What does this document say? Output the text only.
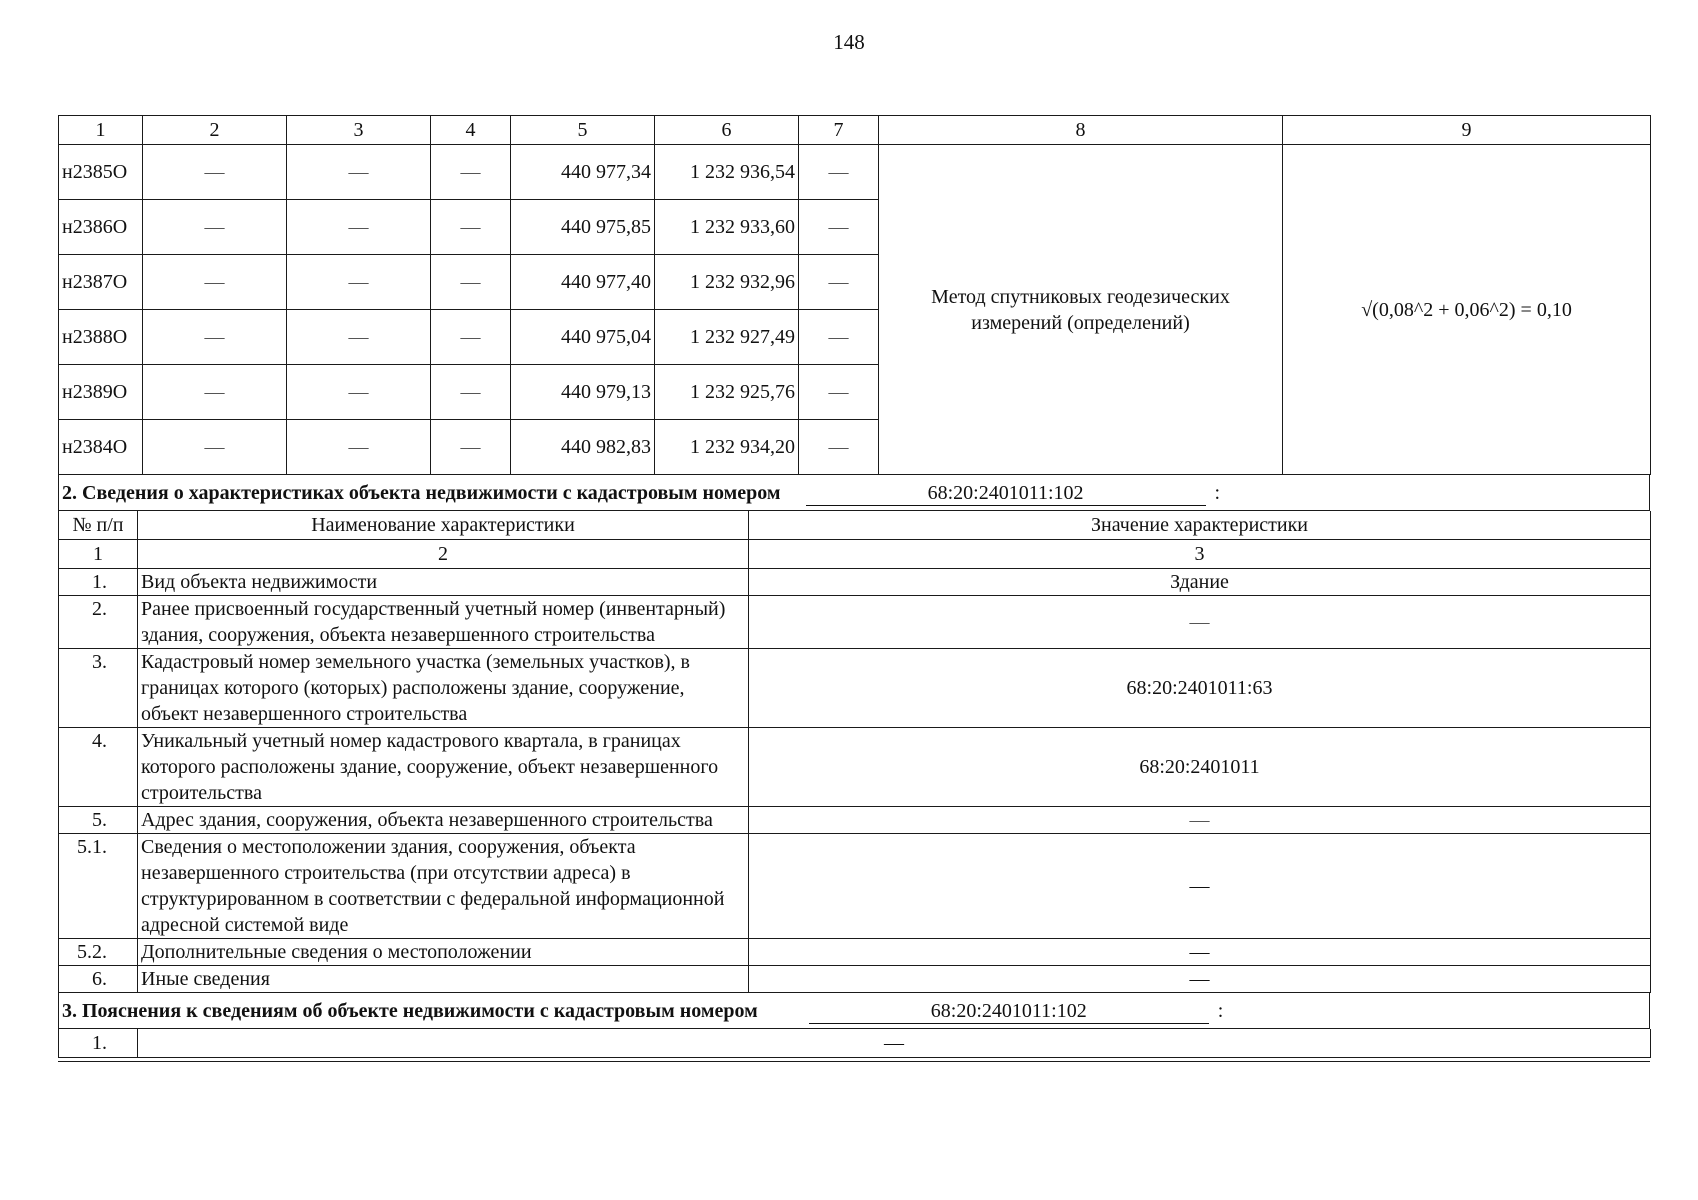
148
1	2	3	4	5	6	7	8	9
н2385О	—	—	—	440 977,34	1 232 936,54	—	Метод спутниковых геодезических измерений (определений)	√(0,08^2 + 0,06^2) = 0,10
н2386О	—	—	—	440 975,85	1 232 933,60	—		
н2387О	—	—	—	440 977,40	1 232 932,96	—		
н2388О	—	—	—	440 975,04	1 232 927,49	—		
н2389О	—	—	—	440 979,13	1 232 925,76	—		
н2384О	—	—	—	440 982,83	1 232 934,20	—		
2. Сведения о характеристиках объекта недвижимости с кадастровым номером	68:20:2401011:102	:
№ п/п	Наименование характеристики	Значение характеристики
1	2	3
1.	Вид объекта недвижимости	Здание
2.	Ранее присвоенный государственный учетный номер (инвентарный) здания, сооружения, объекта незавершенного строительства	—
3.	Кадастровый номер земельного участка (земельных участков), в границах которого (которых) расположены здание, сооружение, объект незавершенного строительства	68:20:2401011:63
4.	Уникальный учетный номер кадастрового квартала, в границах которого расположены здание, сооружение, объект незавершенного строительства	68:20:2401011
5.	Адрес здания, сооружения, объекта незавершенного строительства	—
5.1.	Сведения о местоположении здания, сооружения, объекта незавершенного строительства (при отсутствии адреса) в структурированном в соответствии с федеральной информационной адресной системой виде	—
5.2.	Дополнительные сведения о местоположении	—
6.	Иные сведения	—
3. Пояснения к сведениям об объекте недвижимости с кадастровым номером	68:20:2401011:102	:
1.	—
